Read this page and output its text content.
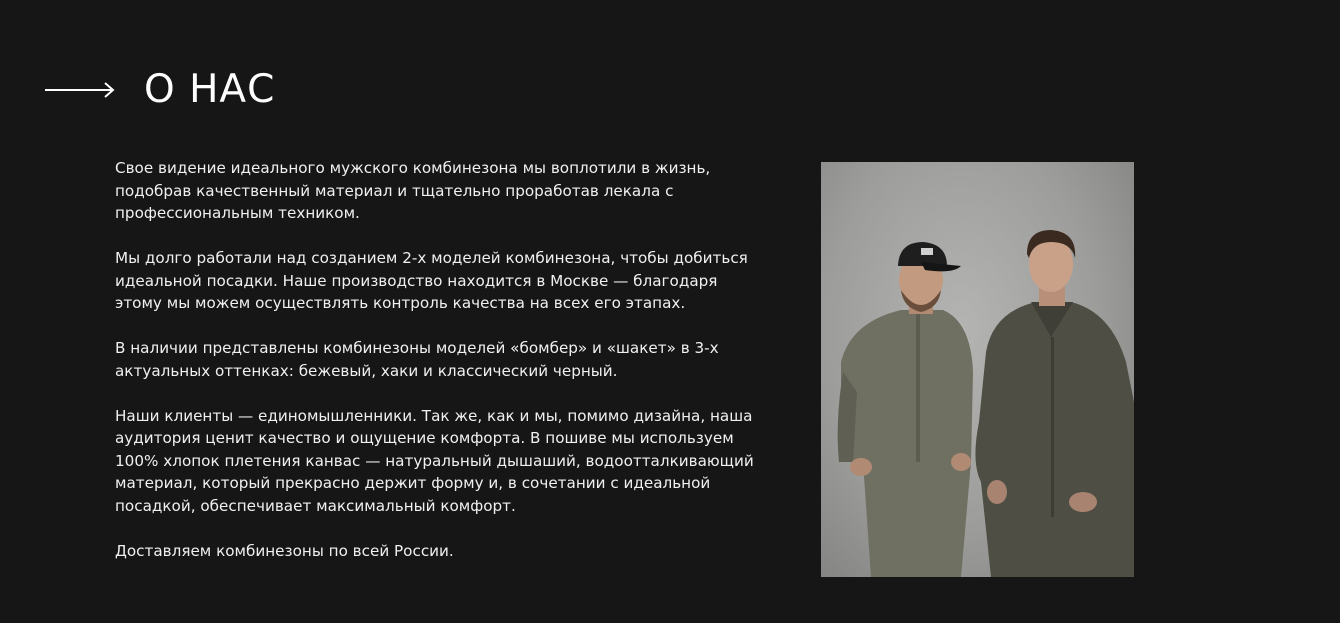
О НАС

Свое видение идеального мужского комбинезона мы воплотили в жизнь, подобрав качественный материал и тщательно проработав лекала с профессиональным техником.

Мы долго работали над созданием 2-х моделей комбинезона, чтобы добиться идеальной посадки. Наше производство находится в Москве — благодаря этому мы можем осуществлять контроль качества на всех его этапах.

В наличии представлены комбинезоны моделей «бомбер» и «шакет» в 3-х актуальных оттенках: бежевый, хаки и классический черный.

Наши клиенты — единомышленники. Так же, как и мы, помимо дизайна, наша аудитория ценит качество и ощущение комфорта. В пошиве мы используем 100% хлопок плетения канвас — натуральный дышаший, водоотталкивающий материал, который прекрасно держит форму и, в сочетании с идеальной посадкой, обеспечивает максимальный комфорт.

Доставляем комбинезоны по всей России.
